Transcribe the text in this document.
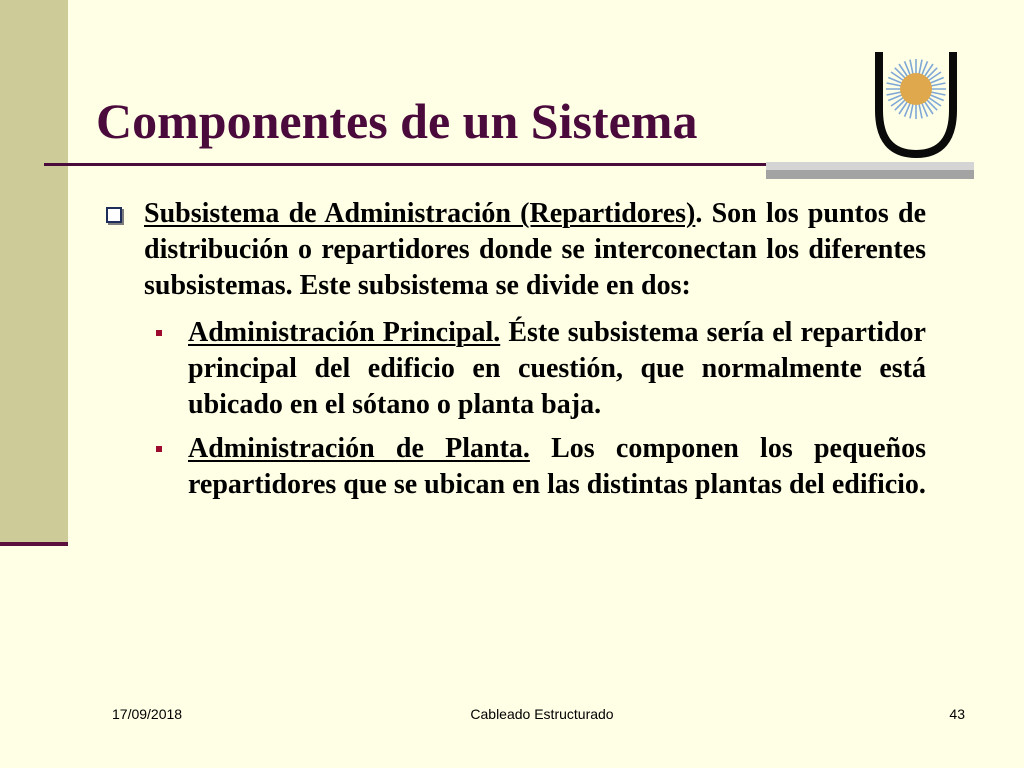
Componentes de un Sistema
Subsistema de Administración (Repartidores). Son los puntos de distribución o repartidores donde se interconectan los diferentes subsistemas. Este subsistema se divide en dos:
Administración Principal. Éste subsistema sería el repartidor principal del edificio en cuestión, que normalmente está ubicado en el sótano o planta baja.
Administración de Planta. Los componen los pequeños repartidores que se ubican en las distintas plantas del edificio.
17/09/2018	Cableado Estructurado	43
